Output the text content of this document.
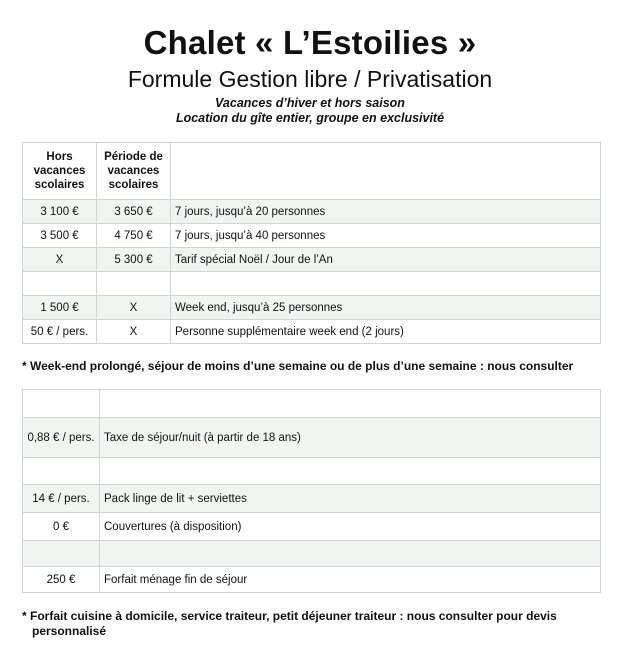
Chalet « L’Estoilies »
Formule Gestion libre / Privatisation
Vacances d’hiver et hors saison
Location du gîte entier, groupe en exclusivité
Hors vacances scolaires	Période de vacances scolaires	
3 100 €	3 650 €	7 jours, jusqu’à 20 personnes
3 500 €	4 750 €	7 jours, jusqu’à 40 personnes
X	5 300 €	Tarif spécial Noël / Jour de l’An

1 500 €	X	Week end, jusqu’à 25 personnes
50 € / pers.	X	Personne supplémentaire week end (2 jours)
* Week-end prolongé, séjour de moins d’une semaine ou de plus d’une semaine : nous consulter

0,88 € / pers.	Taxe de séjour/nuit (à partir de 18 ans)

14 € / pers.	Pack linge de lit + serviettes
0 €	Couvertures (à disposition)

250 €	Forfait ménage fin de séjour
* Forfait cuisine à domicile, service traiteur, petit déjeuner traiteur : nous consulter pour devis personnalisé
